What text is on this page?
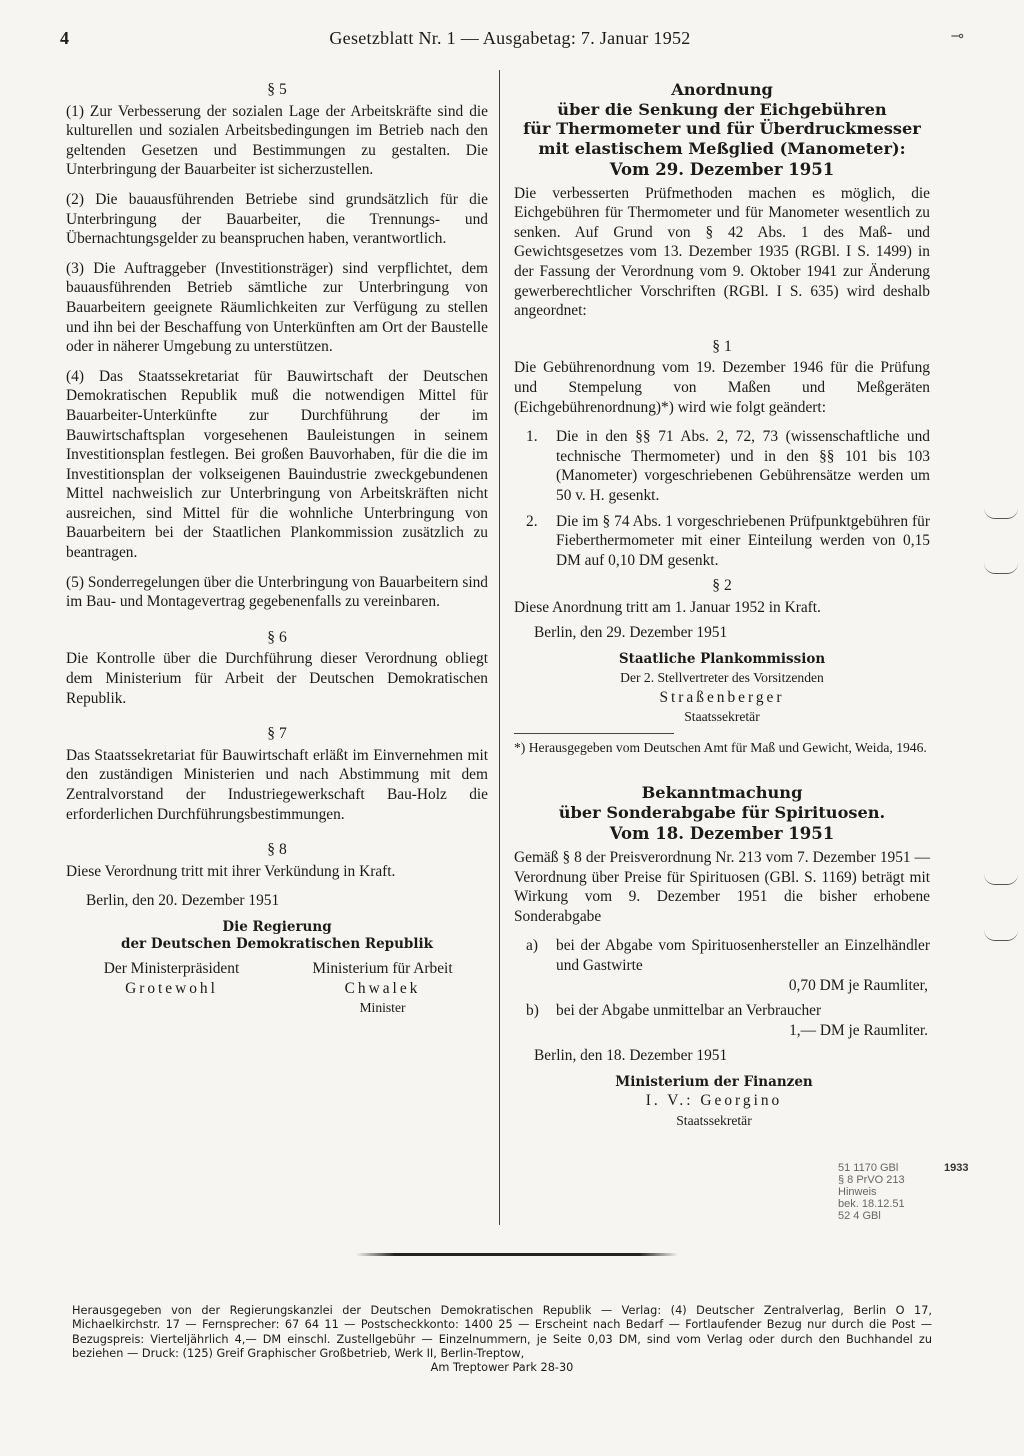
4	Gesetzblatt Nr. 1 — Ausgabetag: 7. Januar 1952	⊸

§ 5

(1) Zur Verbesserung der sozialen Lage der Arbeitskräfte sind die kulturellen und sozialen Arbeitsbedingungen im Betrieb nach den geltenden Gesetzen und Bestimmungen zu gestalten. Die Unterbringung der Bauarbeiter ist sicherzustellen.

(2) Die bauausführenden Betriebe sind grundsätzlich für die Unterbringung der Bauarbeiter, die Trennungs- und Übernachtungsgelder zu beanspruchen haben, verantwortlich.

(3) Die Auftraggeber (Investitionsträger) sind verpflichtet, dem bauausführenden Betrieb sämtliche zur Unterbringung von Bauarbeitern geeignete Räumlichkeiten zur Verfügung zu stellen und ihn bei der Beschaffung von Unterkünften am Ort der Baustelle oder in näherer Umgebung zu unterstützen.

(4) Das Staatssekretariat für Bauwirtschaft der Deutschen Demokratischen Republik muß die notwendigen Mittel für Bauarbeiter-Unterkünfte zur Durchführung der im Bauwirtschaftsplan vorgesehenen Bauleistungen in seinem Investitionsplan festlegen. Bei großen Bauvorhaben, für die die im Investitionsplan der volkseigenen Bauindustrie zweckgebundenen Mittel nachweislich zur Unterbringung von Arbeitskräften nicht ausreichen, sind Mittel für die wohnliche Unterbringung von Bauarbeitern bei der Staatlichen Plankommission zusätzlich zu beantragen.

(5) Sonderregelungen über die Unterbringung von Bauarbeitern sind im Bau- und Montagevertrag gegebenenfalls zu vereinbaren.

§ 6

Die Kontrolle über die Durchführung dieser Verordnung obliegt dem Ministerium für Arbeit der Deutschen Demokratischen Republik.

§ 7

Das Staatssekretariat für Bauwirtschaft erläßt im Einvernehmen mit den zuständigen Ministerien und nach Abstimmung mit dem Zentralvorstand der Industriegewerkschaft Bau-Holz die erforderlichen Durchführungsbestimmungen.

§ 8

Diese Verordnung tritt mit ihrer Verkündung in Kraft.

Berlin, den 20. Dezember 1951

Die Regierung

der Deutschen Demokratischen Republik

Der Ministerpräsident
Grotewohl
Ministerium für Arbeit
Chwalek
Minister

Anordnung

über die Senkung der Eichgebühren

für Thermometer und für Überdruckmesser

mit elastischem Meßglied (Manometer):

Vom 29. Dezember 1951

Die verbesserten Prüfmethoden machen es möglich, die Eichgebühren für Thermometer und für Manometer wesentlich zu senken. Auf Grund von § 42 Abs. 1 des Maß- und Gewichtsgesetzes vom 13. Dezember 1935 (RGBl. I S. 1499) in der Fassung der Verordnung vom 9. Oktober 1941 zur Änderung gewerberechtlicher Vorschriften (RGBl. I S. 635) wird deshalb angeordnet:

§ 1

Die Gebührenordnung vom 19. Dezember 1946 für die Prüfung und Stempelung von Maßen und Meßgeräten (Eichgebührenordnung)*) wird wie folgt geändert:

1.	Die in den §§ 71 Abs. 2, 72, 73 (wissenschaftliche und technische Thermometer) und in den §§ 101 bis 103 (Manometer) vorgeschriebenen Gebührensätze werden um 50 v. H. gesenkt.
2.	Die im § 74 Abs. 1 vorgeschriebenen Prüfpunktgebühren für Fieberthermometer mit einer Einteilung werden von 0,15 DM auf 0,10 DM gesenkt.

§ 2

Diese Anordnung tritt am 1. Januar 1952 in Kraft.

Berlin, den 29. Dezember 1951

Staatliche Plankommission

Der 2. Stellvertreter des Vorsitzenden

Straßenberger

Staatssekretär

*) Herausgegeben vom Deutschen Amt für Maß und Gewicht, Weida, 1946.

Bekanntmachung

über Sonderabgabe für Spirituosen.

Vom 18. Dezember 1951

Gemäß § 8 der Preisverordnung Nr. 213 vom 7. Dezember 1951 — Verordnung über Preise für Spirituosen (GBl. S. 1169) beträgt mit Wirkung vom 9. Dezember 1951 die bisher erhobene Sonderabgabe

a)	bei der Abgabe vom Spirituosenhersteller an Einzelhändler und Gastwirte
0,70 DM je Raumliter,
b)	bei der Abgabe unmittelbar an Verbraucher
1,— DM je Raumliter.

Berlin, den 18. Dezember 1951

Ministerium der Finanzen

I. V.: Georgino

Staatssekretär

51 1170 GBl
§ 8 PrVO 213
Hinweis
bek. 18.12.51
52 4 GBl
1933

Herausgegeben von der Regierungskanzlei der Deutschen Demokratischen Republik — Verlag: (4) Deutscher Zentralverlag, Berlin O 17, Michaelkirchstr. 17 — Fernsprecher: 67 64 11 — Postscheckkonto: 1400 25 — Erscheint nach Bedarf — Fortlaufender Bezug nur durch die Post — Bezugspreis: Vierteljährlich 4,— DM einschl. Zustellgebühr — Einzelnummern, je Seite 0,03 DM, sind vom Verlag oder durch den Buchhandel zu beziehen — Druck: (125) Greif Graphischer Großbetrieb, Werk II, Berlin-Treptow,

Am Treptower Park 28-30
